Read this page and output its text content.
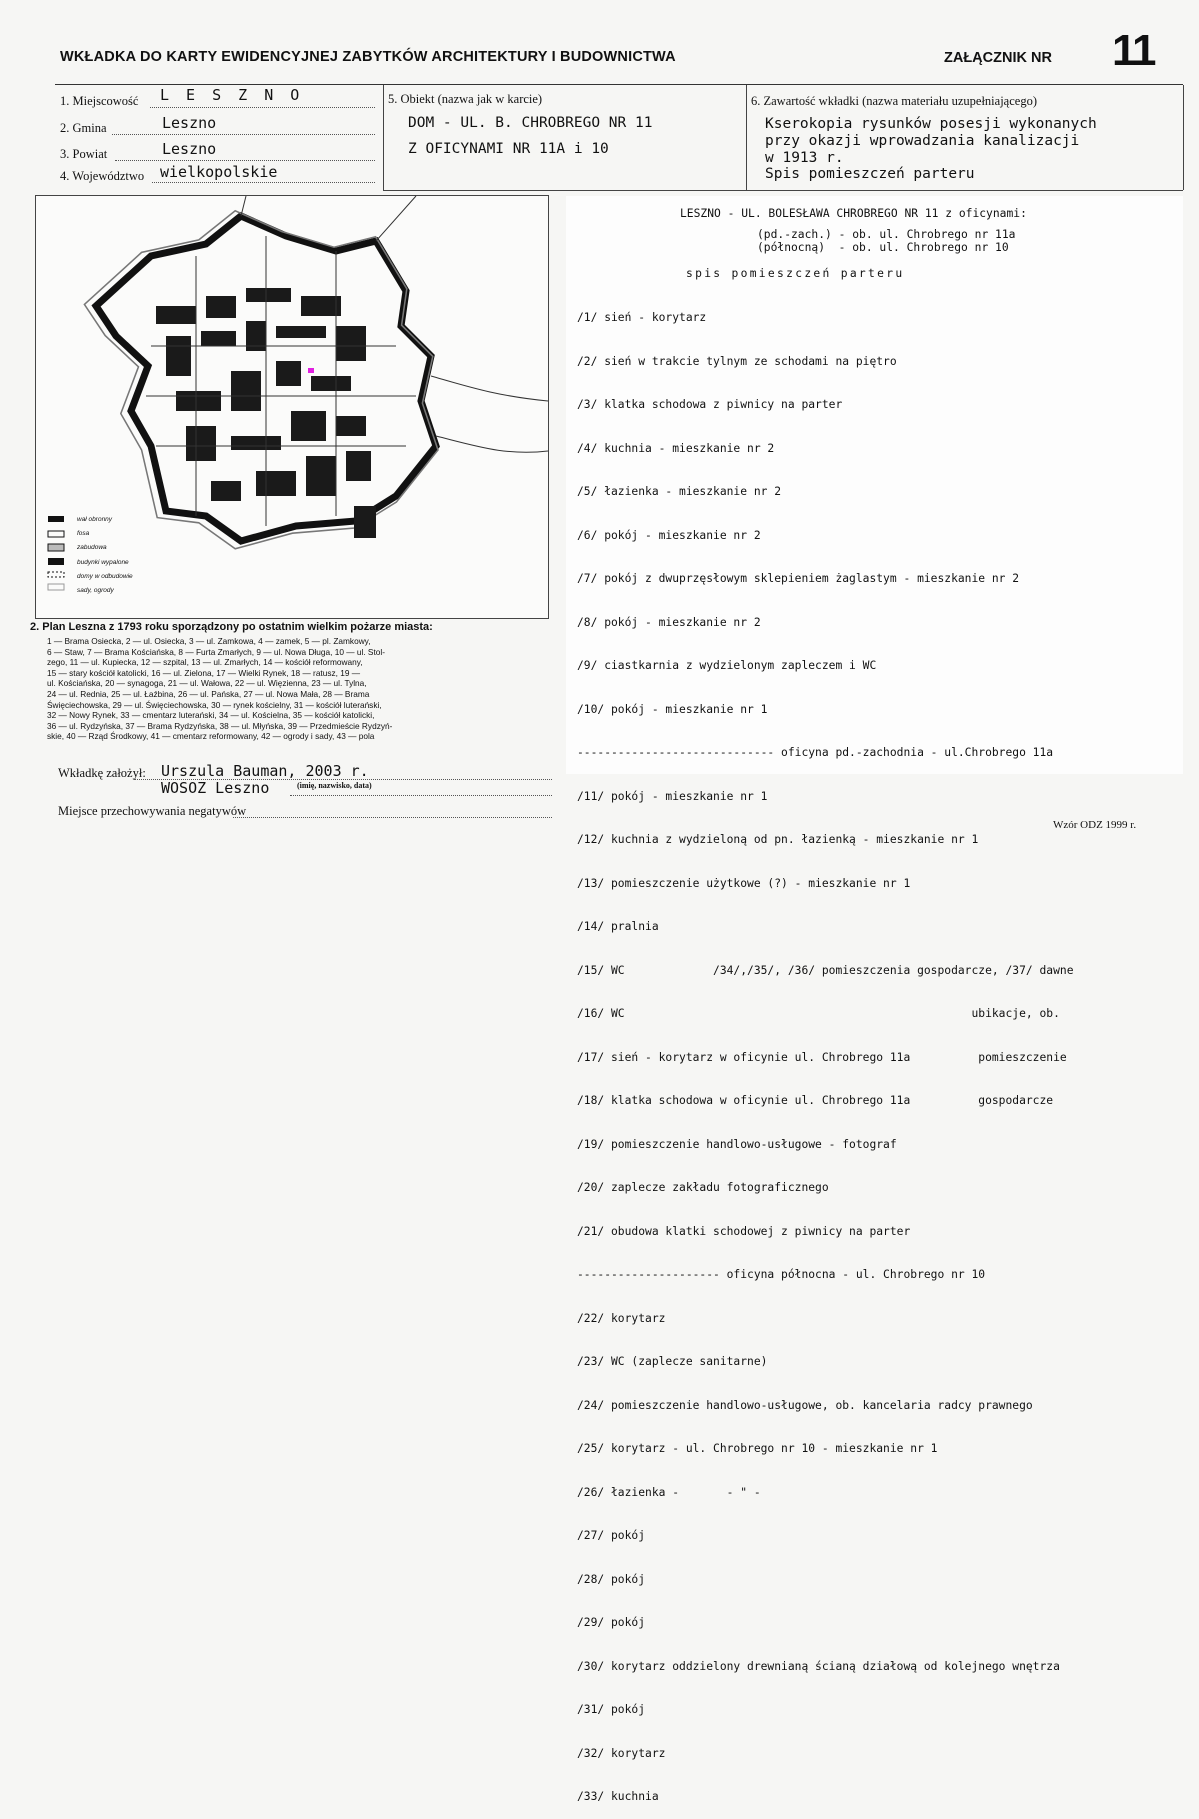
WKŁADKA DO KARTY EWIDENCYJNEJ ZABYTKÓW ARCHITEKTURY I BUDOWNICTWA	ZAŁĄCZNIK NR 11
1. Miejscowość L E S Z N O
2. Gmina	Leszno
3. Powiat	Leszno
4. Województwo wielkopolskie
5. Obiekt (nazwa jak w karcie)
DOM - UL. B. CHROBREGO NR 11
Z OFICYNAMI NR 11A i 10
6. Zawartość wkładki (nazwa materiału uzupełniającego)
Kserokopia rysunków posesji wykonanych
przy okazji wprowadzania kanalizacji
w 1913 r.
Spis pomieszczeń parteru
wał obronny
fosa
zabudowa
budynki wypalone
domy w odbudowie
sady, ogrody
2. Plan Leszna z 1793 roku sporządzony po ostatnim wielkim pożarze miasta:
1 — Brama Osiecka, 2 — ul. Osiecka, 3 — ul. Zamkowa, 4 — zamek, 5 — pl. Zamkowy,
6 — Staw, 7 — Brama Kościańska, 8 — Furta Zmarłych, 9 — ul. Nowa Długa, 10 — ul. Stol-
zego, 11 — ul. Kupiecka, 12 — szpital, 13 — ul. Zmarłych, 14 — kościół reformowany,
15 — stary kościół katolicki, 16 — ul. Zielona, 17 — Wielki Rynek, 18 — ratusz, 19 —
ul. Kościańska, 20 — synagoga, 21 — ul. Wałowa, 22 — ul. Więzienna, 23 — ul. Tylna,
24 — ul. Rednia, 25 — ul. Łaźbina, 26 — ul. Pańska, 27 — ul. Nowa Mała, 28 — Brama
Święciechowska, 29 — ul. Święciechowska, 30 — rynek kościelny, 31 — kościół luterański,
32 — Nowy Rynek, 33 — cmentarz luterański, 34 — ul. Kościelna, 35 — kościół katolicki,
36 — ul. Rydzyńska, 37 — Brama Rydzyńska, 38 — ul. Młyńska, 39 — Przedmieście Rydzyń-
skie, 40 — Rząd Środkowy, 41 — cmentarz reformowany, 42 — ogrody i sady, 43 — pola
LESZNO - UL. BOLESŁAWA CHROBREGO NR 11 z oficynami:
(pd.-zach.) - ob. ul. Chrobrego nr 11a
(północną)  - ob. ul. Chrobrego nr 10
spis pomieszczeń parteru

/1/ sień - korytarz

/2/ sień w trakcie tylnym ze schodami na piętro

/3/ klatka schodowa z piwnicy na parter

/4/ kuchnia - mieszkanie nr 2

/5/ łazienka - mieszkanie nr 2

/6/ pokój - mieszkanie nr 2

/7/ pokój z dwuprzęsłowym sklepieniem żaglastym - mieszkanie nr 2

/8/ pokój - mieszkanie nr 2

/9/ ciastkarnia z wydzielonym zapleczem i WC

/10/ pokój - mieszkanie nr 1

----------------------------- oficyna pd.-zachodnia - ul.Chrobrego 11a

/11/ pokój - mieszkanie nr 1

/12/ kuchnia z wydzieloną od pn. łazienką - mieszkanie nr 1

/13/ pomieszczenie użytkowe (?) - mieszkanie nr 1

/14/ pralnia

/15/ WC             /34/,/35/, /36/ pomieszczenia gospodarcze, /37/ dawne

/16/ WC                                                   ubikacje, ob.

/17/ sień - korytarz w oficynie ul. Chrobrego 11a          pomieszczenie

/18/ klatka schodowa w oficynie ul. Chrobrego 11a          gospodarcze

/19/ pomieszczenie handlowo-usługowe - fotograf

/20/ zaplecze zakładu fotograficznego

/21/ obudowa klatki schodowej z piwnicy na parter

--------------------- oficyna północna - ul. Chrobrego nr 10

/22/ korytarz

/23/ WC (zaplecze sanitarne)

/24/ pomieszczenie handlowo-usługowe, ob. kancelaria radcy prawnego

/25/ korytarz - ul. Chrobrego nr 10 - mieszkanie nr 1

/26/ łazienka -       - " -

/27/ pokój

/28/ pokój

/29/ pokój

/30/ korytarz oddzielony drewnianą ścianą działową od kolejnego wnętrza

/31/ pokój

/32/ korytarz

/33/ kuchnia

Wkładkę założył: Urszula Bauman, 2003 r.
WOSOZ Leszno	(imię, nazwisko, data)
Miejsce przechowywania negatywów
Wzór ODZ 1999 r.
